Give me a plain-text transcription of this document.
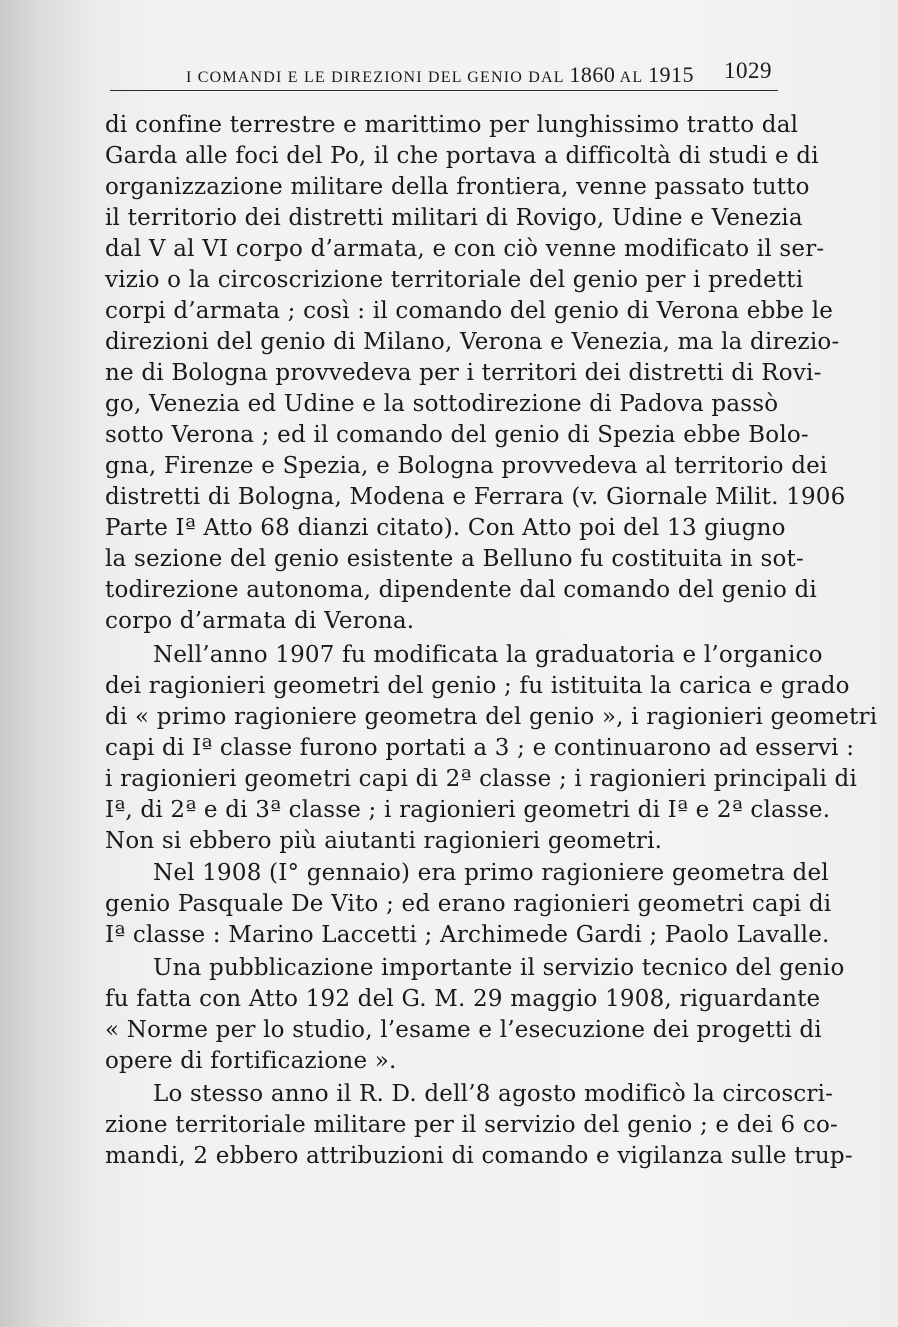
I COMANDI E LE DIREZIONI DEL GENIO DAL 1860 AL 1915 1029
di confine terrestre e marittimo per lunghissimo tratto dal
Garda alle foci del Po, il che portava a difficoltà di studi e di
organizzazione militare della frontiera, venne passato tutto
il territorio dei distretti militari di Rovigo, Udine e Venezia
dal V al VI corpo d’armata, e con ciò venne modificato il ser-
vizio o la circoscrizione territoriale del genio per i predetti
corpi d’armata ; così : il comando del genio di Verona ebbe le
direzioni del genio di Milano, Verona e Venezia, ma la direzio-
ne di Bologna provvedeva per i territori dei distretti di Rovi-
go, Venezia ed Udine e la sottodirezione di Padova passò
sotto Verona ; ed il comando del genio di Spezia ebbe Bolo-
gna, Firenze e Spezia, e Bologna provvedeva al territorio dei
distretti di Bologna, Modena e Ferrara (v. Giornale Milit. 1906
Parte Iª Atto 68 dianzi citato). Con Atto poi del 13 giugno
la sezione del genio esistente a Belluno fu costituita in sot-
todirezione autonoma, dipendente dal comando del genio di
corpo d’armata di Verona.
Nell’anno 1907 fu modificata la graduatoria e l’organico
dei ragionieri geometri del genio ; fu istituita la carica e grado
di « primo ragioniere geometra del genio », i ragionieri geometri
capi di Iª classe furono portati a 3 ; e continuarono ad esservi :
i ragionieri geometri capi di 2ª classe ; i ragionieri principali di
Iª, di 2ª e di 3ª classe ; i ragionieri geometri di Iª e 2ª classe.
Non si ebbero più aiutanti ragionieri geometri.
Nel 1908 (I° gennaio) era primo ragioniere geometra del
genio Pasquale De Vito ; ed erano ragionieri geometri capi di
Iª classe : Marino Laccetti ; Archimede Gardi ; Paolo Lavalle.
Una pubblicazione importante il servizio tecnico del genio
fu fatta con Atto 192 del G. M. 29 maggio 1908, riguardante
« Norme per lo studio, l’esame e l’esecuzione dei progetti di
opere di fortificazione ».
Lo stesso anno il R. D. dell’8 agosto modificò la circoscri-
zione territoriale militare per il servizio del genio ; e dei 6 co-
mandi, 2 ebbero attribuzioni di comando e vigilanza sulle trup-
